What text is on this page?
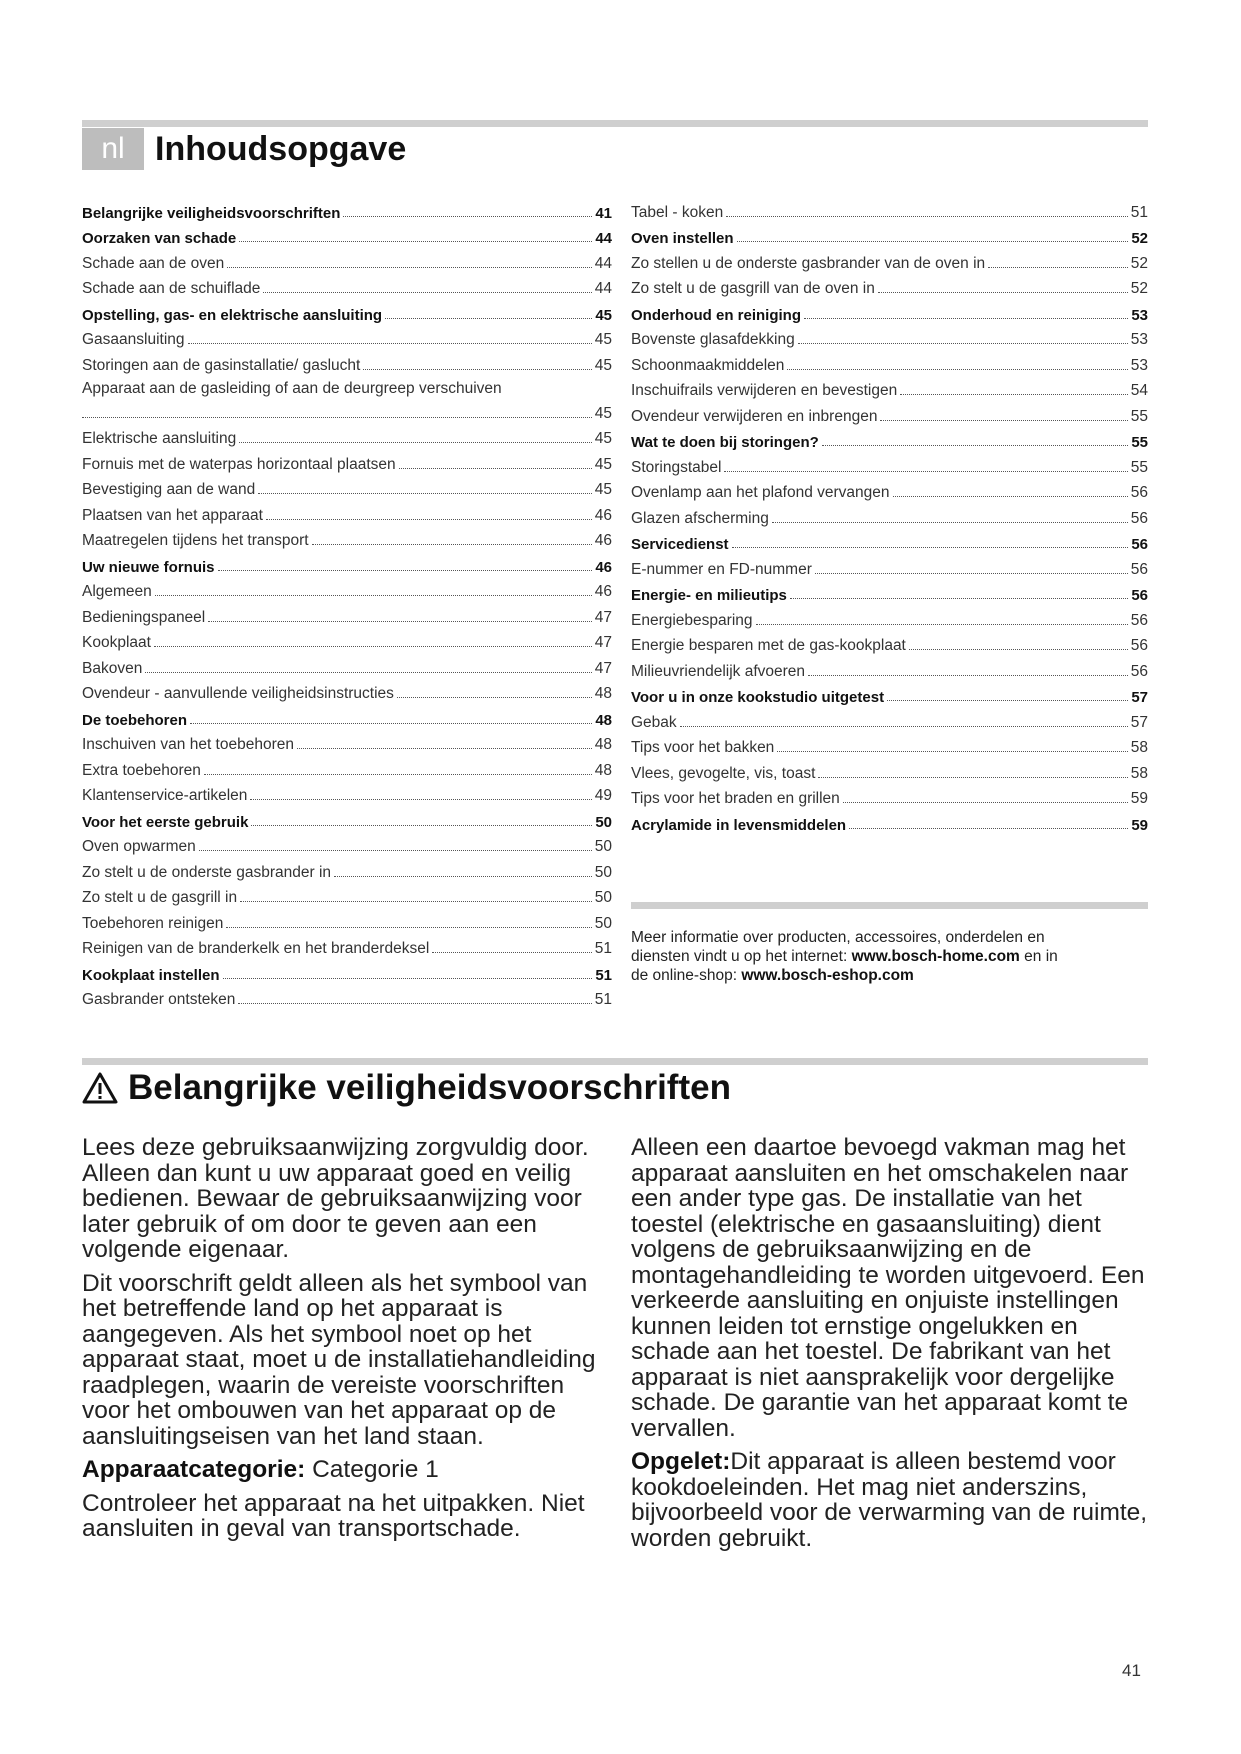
nl Inhoudsopgave
Belangrijke veiligheidsvoorschriften	41
Oorzaken van schade	44
Schade aan de oven	44
Schade aan de schuiflade	44
Opstelling, gas- en elektrische aansluiting	45
Gasaansluiting	45
Storingen aan de gasinstallatie/ gaslucht	45
Apparaat aan de gasleiding of aan de deurgreep verschuiven
45
Elektrische aansluiting	45
Fornuis met de waterpas horizontaal plaatsen	45
Bevestiging aan de wand	45
Plaatsen van het apparaat	46
Maatregelen tijdens het transport	46
Uw nieuwe fornuis	46
Algemeen	46
Bedieningspaneel	47
Kookplaat	47
Bakoven	47
Ovendeur - aanvullende veiligheidsinstructies	48
De toebehoren	48
Inschuiven van het toebehoren	48
Extra toebehoren	48
Klantenservice-artikelen	49
Voor het eerste gebruik	50
Oven opwarmen	50
Zo stelt u de onderste gasbrander in	50
Zo stelt u de gasgrill in	50
Toebehoren reinigen	50
Reinigen van de branderkelk en het branderdeksel	51
Kookplaat instellen	51
Gasbrander ontsteken	51
Tabel - koken	51
Oven instellen	52
Zo stellen u de onderste gasbrander van de oven in	52
Zo stelt u de gasgrill van de oven in	52
Onderhoud en reiniging	53
Bovenste glasafdekking	53
Schoonmaakmiddelen	53
Inschuifrails verwijderen en bevestigen	54
Ovendeur verwijderen en inbrengen	55
Wat te doen bij storingen?	55
Storingstabel	55
Ovenlamp aan het plafond vervangen	56
Glazen afscherming	56
Servicedienst	56
E-nummer en FD-nummer	56
Energie- en milieutips	56
Energiebesparing	56
Energie besparen met de gas-kookplaat	56
Milieuvriendelijk afvoeren	56
Voor u in onze kookstudio uitgetest	57
Gebak	57
Tips voor het bakken	58
Vlees, gevogelte, vis, toast	58
Tips voor het braden en grillen	59
Acrylamide in levensmiddelen	59
Meer informatie over producten, accessoires, onderdelen en
diensten vindt u op het internet: www.bosch-home.com en in
de online-shop: www.bosch-eshop.com
Belangrijke veiligheidsvoorschriften

Lees deze gebruiksaanwijzing zorgvuldig door. Alleen dan kunt u uw apparaat goed en veilig bedienen. Bewaar de gebruiksaanwijzing voor later gebruik of om door te geven aan een volgende eigenaar.

Dit voorschrift geldt alleen als het symbool van het betreffende land op het apparaat is aangegeven. Als het symbool noet op het apparaat staat, moet u de installatiehandleiding raadplegen, waarin de vereiste voorschriften voor het ombouwen van het apparaat op de aansluitingseisen van het land staan.

Apparaatcategorie: Categorie 1

Controleer het apparaat na het uitpakken. Niet aansluiten in geval van transportschade.

Alleen een daartoe bevoegd vakman mag het apparaat aansluiten en het omschakelen naar een ander type gas. De installatie van het toestel (elektrische en gasaansluiting) dient volgens de gebruiksaanwijzing en de montagehandleiding te worden uitgevoerd. Een verkeerde aansluiting en onjuiste instellingen kunnen leiden tot ernstige ongelukken en schade aan het toestel. De fabrikant van het apparaat is niet aansprakelijk voor dergelijke schade. De garantie van het apparaat komt te vervallen.

Opgelet:Dit apparaat is alleen bestemd voor kookdoeleinden. Het mag niet anderszins, bijvoorbeeld voor de verwarming van de ruimte, worden gebruikt.

41
